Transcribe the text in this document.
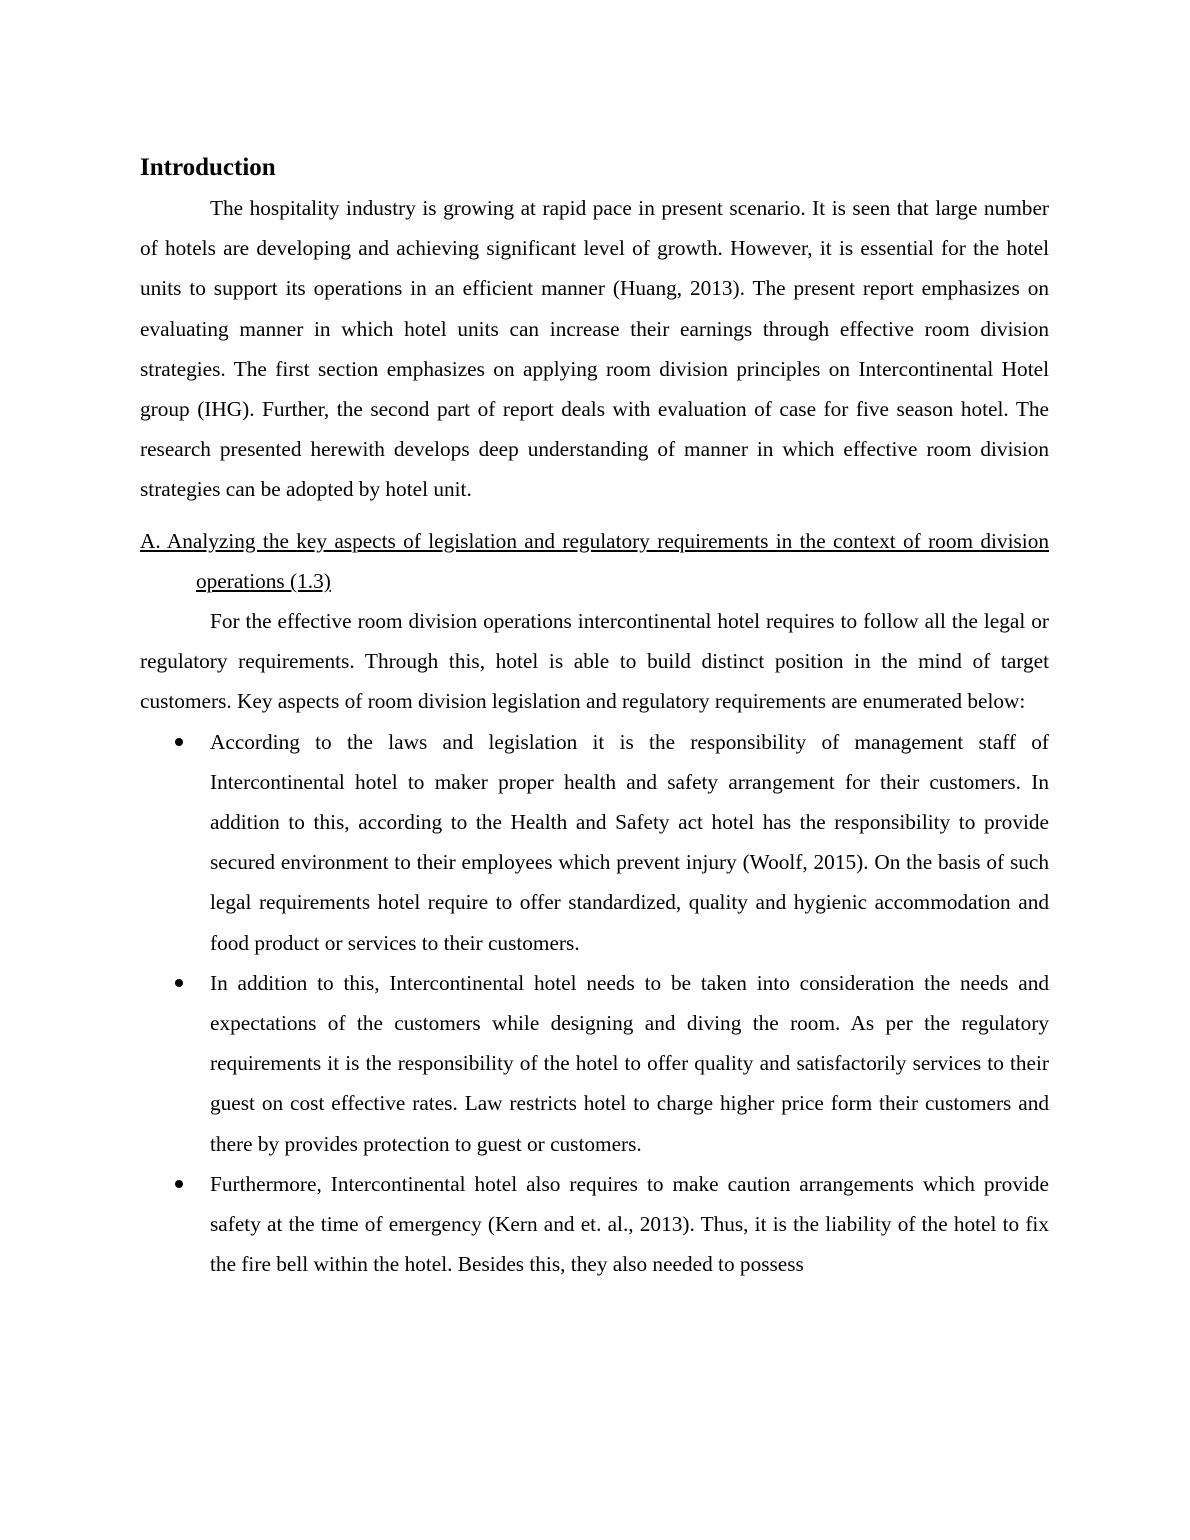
Introduction

The hospitality industry is growing at rapid pace in present scenario. It is seen that large number of hotels are developing and achieving significant level of growth. However, it is essential for the hotel units to support its operations in an efficient manner (Huang, 2013). The present report emphasizes on evaluating manner in which hotel units can increase their earnings through effective room division strategies. The first section emphasizes on applying room division principles on Intercontinental Hotel group (IHG). Further, the second part of report deals with evaluation of case for five season hotel. The research presented herewith develops deep understanding of manner in which effective room division strategies can be adopted by hotel unit.

A. Analyzing the key aspects of legislation and regulatory requirements in the context of room division operations (1.3)

For the effective room division operations intercontinental hotel requires to follow all the legal or regulatory requirements. Through this, hotel is able to build distinct position in the mind of target customers. Key aspects of room division legislation and regulatory requirements are enumerated below:

According to the laws and legislation it is the responsibility of management staff of Intercontinental hotel to maker proper health and safety arrangement for their customers. In addition to this, according to the Health and Safety act hotel has the responsibility to provide secured environment to their employees which prevent injury (Woolf, 2015). On the basis of such legal requirements hotel require to offer standardized, quality and hygienic accommodation and food product or services to their customers.
In addition to this, Intercontinental hotel needs to be taken into consideration the needs and expectations of the customers while designing and diving the room. As per the regulatory requirements it is the responsibility of the hotel to offer quality and satisfactorily services to their guest on cost effective rates. Law restricts hotel to charge higher price form their customers and there by provides protection to guest or customers.
Furthermore, Intercontinental hotel also requires to make caution arrangements which provide safety at the time of emergency (Kern and et. al., 2013). Thus, it is the liability of the hotel to fix the fire bell within the hotel. Besides this, they also needed to possess
